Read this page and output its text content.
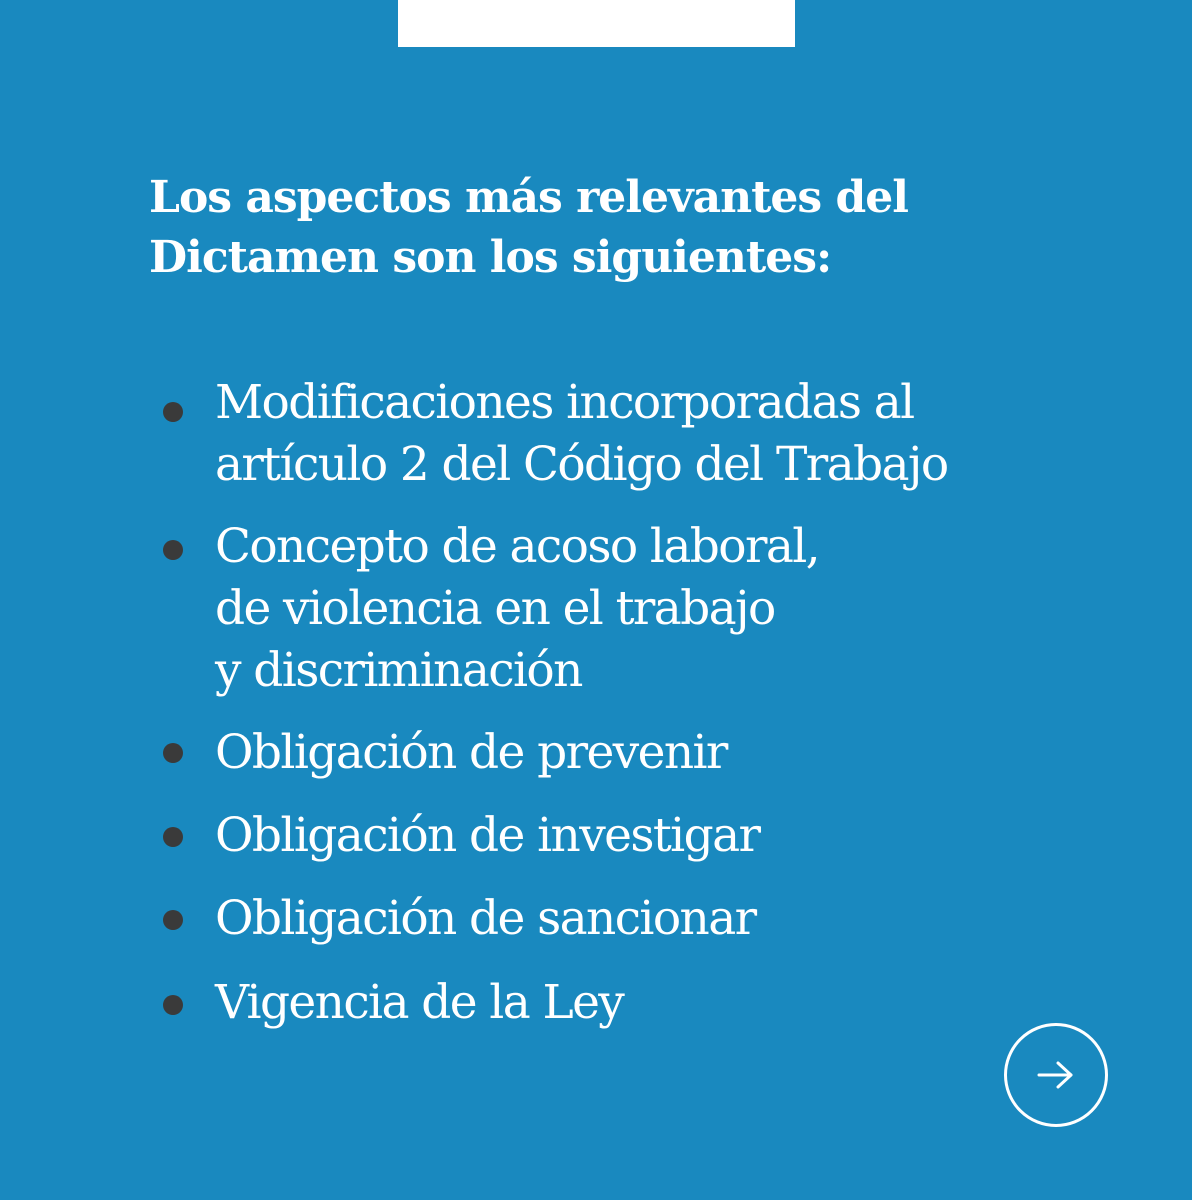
Los aspectos más relevantes del
Dictamen son los siguientes:
Modificaciones incorporadas al
artículo 2 del Código del Trabajo
Concepto de acoso laboral,
de violencia en el trabajo
y discriminación
Obligación de prevenir
Obligación de investigar
Obligación de sancionar
Vigencia de la Ley
